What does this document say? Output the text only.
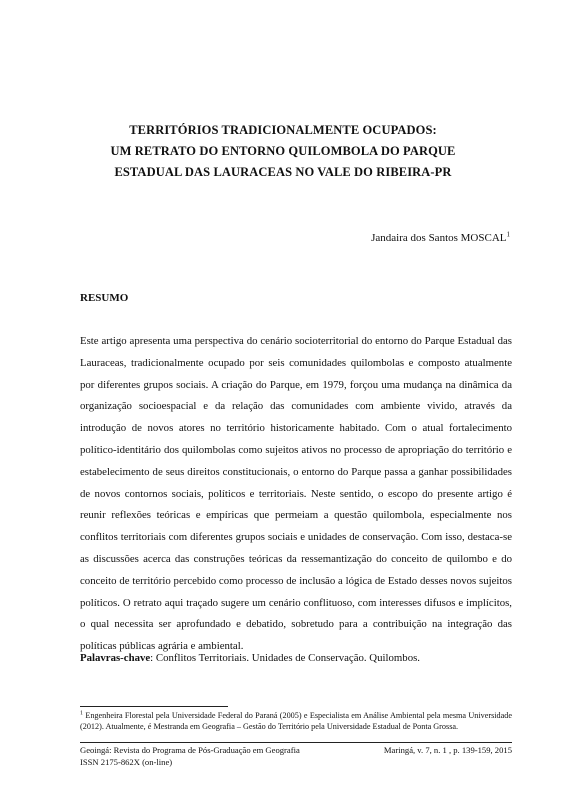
TERRITÓRIOS TRADICIONALMENTE OCUPADOS:
UM RETRATO DO ENTORNO QUILOMBOLA DO PARQUE
ESTADUAL DAS LAURACEAS NO VALE DO RIBEIRA-PR
Jandaira dos Santos MOSCAL$^1$
RESUMO

Este artigo apresenta uma perspectiva do cenário socioterritorial do entorno do Parque Estadual das Lauraceas, tradicionalmente ocupado por seis comunidades quilombolas e composto atualmente por diferentes grupos sociais. A criação do Parque, em 1979, forçou uma mudança na dinâmica da organização socioespacial e da relação das comunidades com ambiente vivido, através da introdução de novos atores no território historicamente habitado. Com o atual fortalecimento político-identitário dos quilombolas como sujeitos ativos no processo de apropriação do território e estabelecimento de seus direitos constitucionais, o entorno do Parque passa a ganhar possibilidades de novos contornos sociais, políticos e territoriais. Neste sentido, o escopo do presente artigo é reunir reflexões teóricas e empíricas que permeiam a questão quilombola, especialmente nos conflitos territoriais com diferentes grupos sociais e unidades de conservação. Com isso, destaca-se as discussões acerca das construções teóricas da ressemantização do conceito de quilombo e do conceito de território percebido como processo de inclusão a lógica de Estado desses novos sujeitos políticos. O retrato aqui traçado sugere um cenário conflituoso, com interesses difusos e implícitos, o qual necessita ser aprofundado e debatido, sobretudo para a contribuição na integração das políticas públicas agrária e ambiental.

Palavras-chave: Conflitos Territoriais. Unidades de Conservação. Quilombos.

$^1$ Engenheira Florestal pela Universidade Federal do Paraná (2005) e Especialista em Análise Ambiental pela mesma Universidade (2012). Atualmente, é Mestranda em Geografia – Gestão do Território pela Universidade Estadual de Ponta Grossa.

Geoingá: Revista do Programa de Pós-Graduação em Geografia
ISSN 2175-862X (on-line)
Maringá, v. 7, n. 1 , p. 139-159, 2015
